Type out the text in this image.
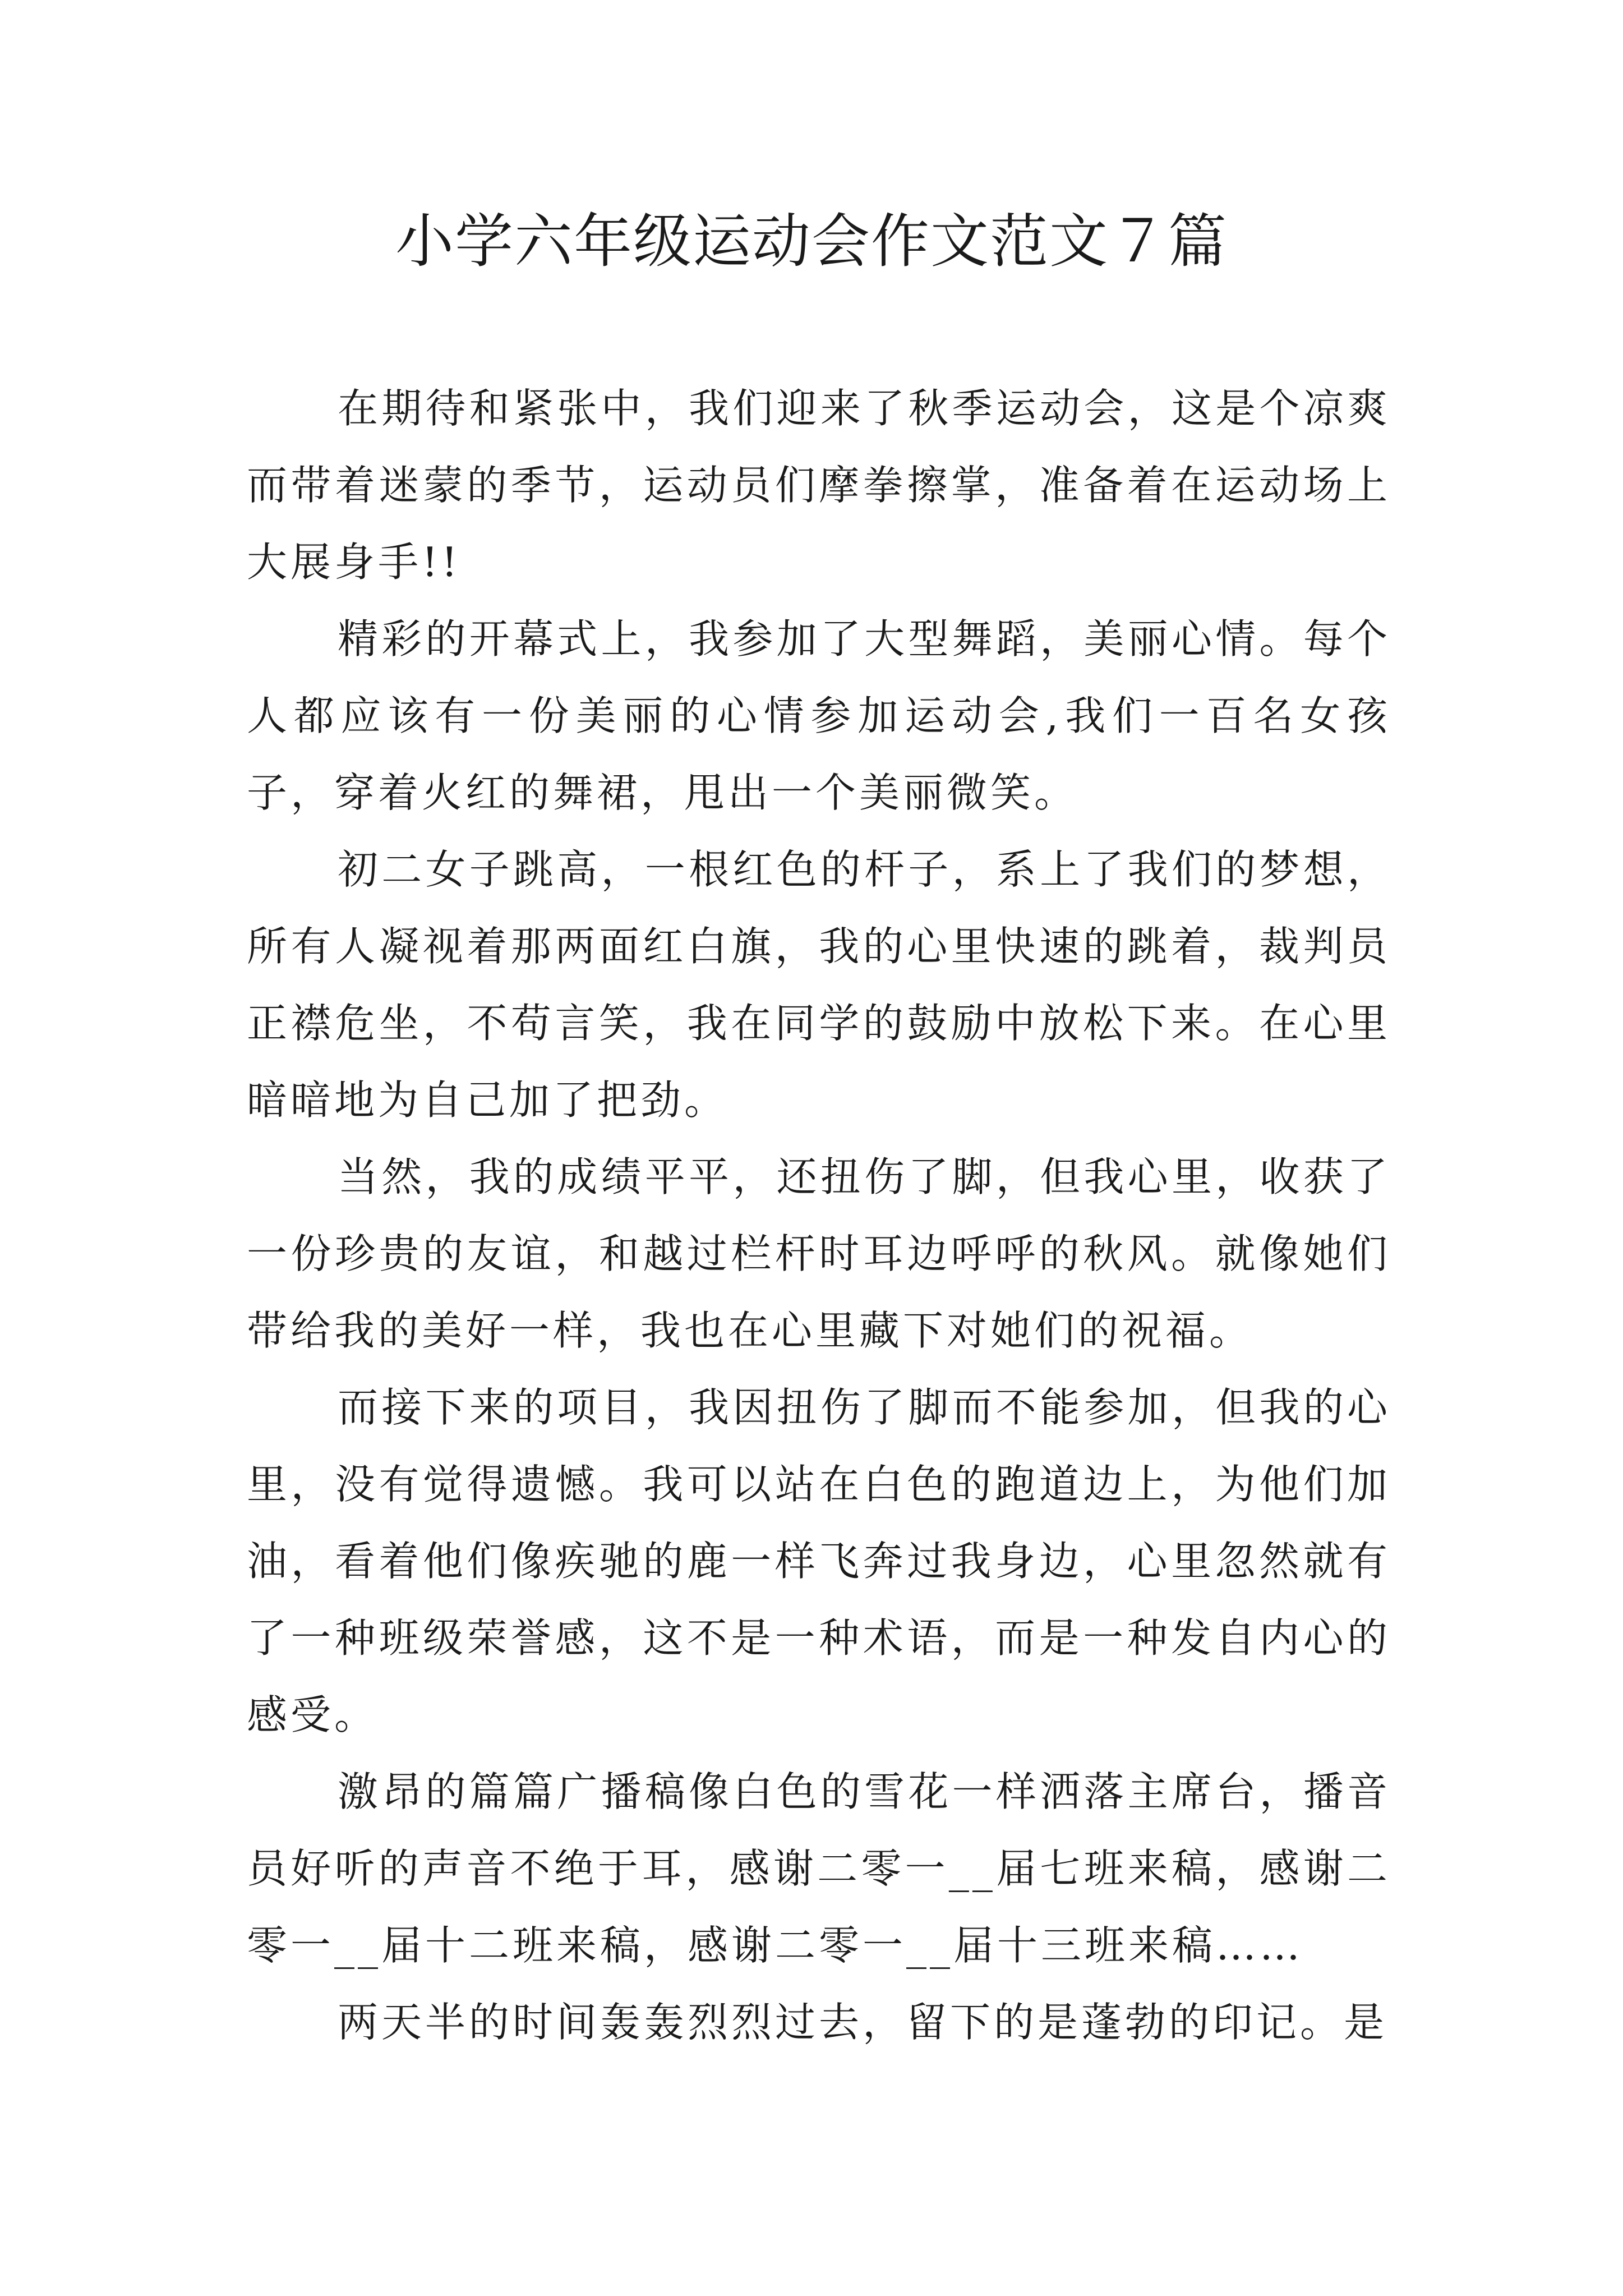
小学六年级运动会作文范文７篇

在期待和紧张中，我们迎来了秋季运动会，这是个凉爽而带着迷蒙的季节，运动员们摩拳擦掌，准备着在运动场上大展身手!!

精彩的开幕式上，我参加了大型舞蹈，美丽心情。每个人都应该有一份美丽的心情参加运动会,我们一百名女孩子，穿着火红的舞裙，甩出一个美丽微笑。

初二女子跳高，一根红色的杆子，系上了我们的梦想，所有人凝视着那两面红白旗，我的心里快速的跳着，裁判员正襟危坐，不苟言笑，我在同学的鼓励中放松下来。在心里暗暗地为自己加了把劲。

当然，我的成绩平平，还扭伤了脚，但我心里，收获了一份珍贵的友谊，和越过栏杆时耳边呼呼的秋风。就像她们带给我的美好一样，我也在心里藏下对她们的祝福。

而接下来的项目，我因扭伤了脚而不能参加，但我的心里，没有觉得遗憾。我可以站在白色的跑道边上，为他们加油，看着他们像疾驰的鹿一样飞奔过我身边，心里忽然就有了一种班级荣誉感，这不是一种术语，而是一种发自内心的感受。

激昂的篇篇广播稿像白色的雪花一样洒落主席台，播音员好听的声音不绝于耳，感谢二零一__届七班来稿，感谢二零一__届十二班来稿，感谢二零一__届十三班来稿……

两天半的时间轰轰烈烈过去，留下的是蓬勃的印记。是
